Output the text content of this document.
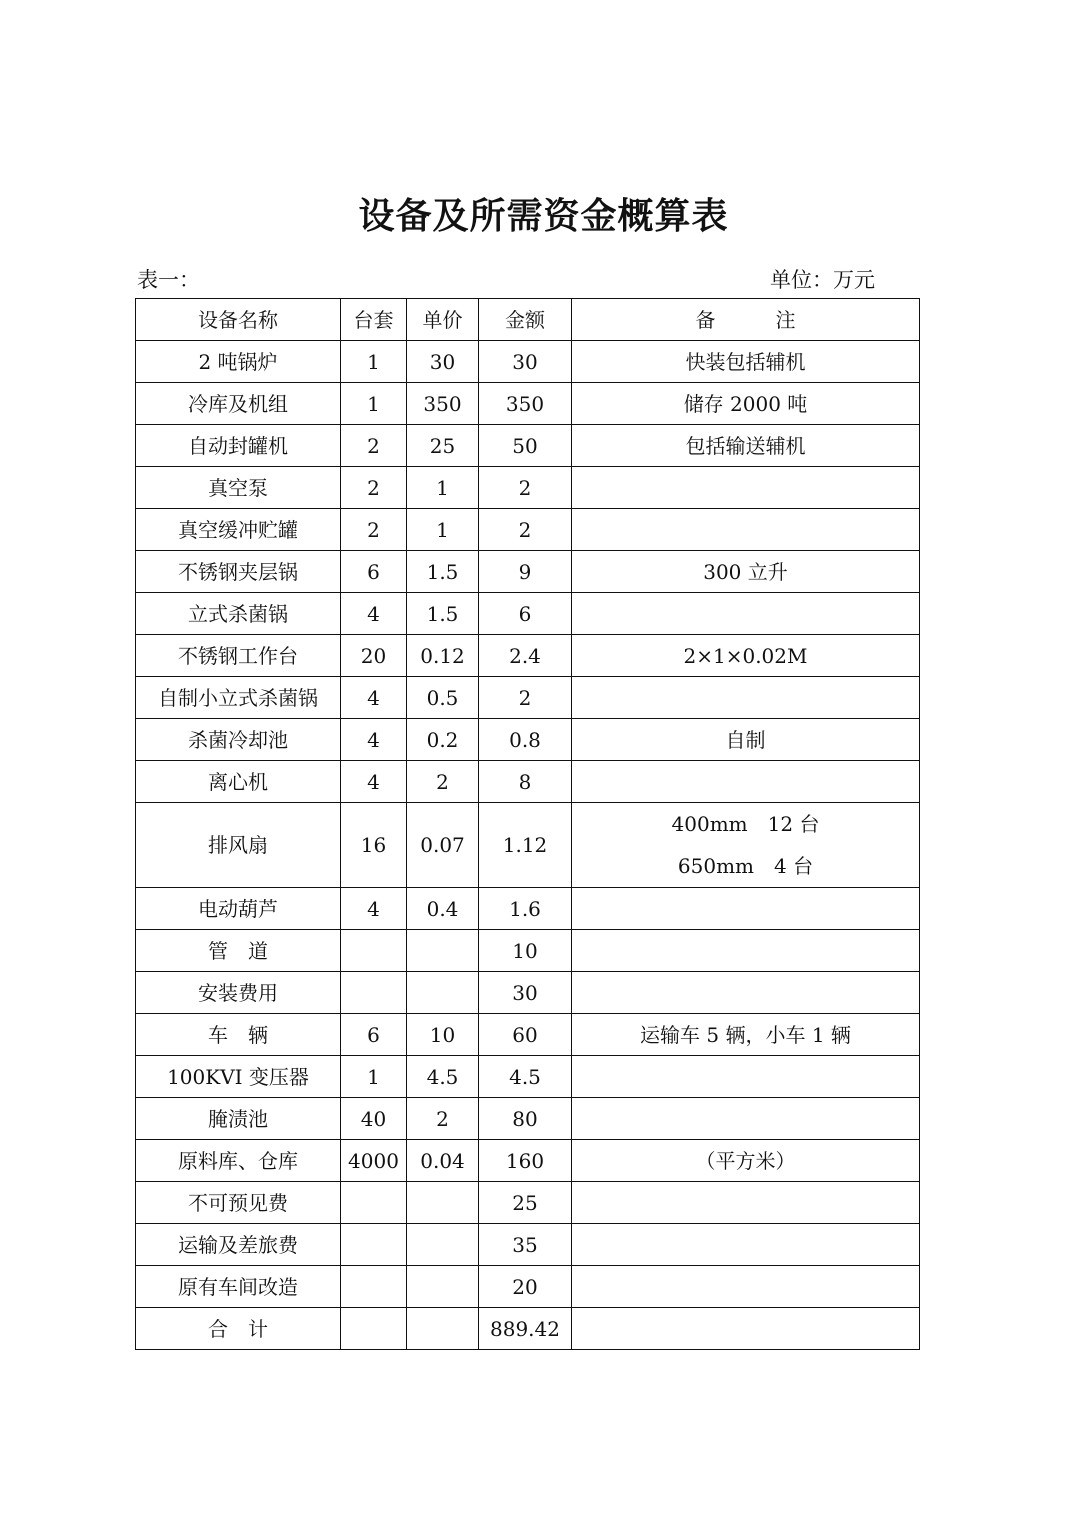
设备及所需资金概算表
表一：	单位：万元
设备名称	台套	单价	金额	备　　　注
2 吨锅炉	1	30	30	快装包括辅机
冷库及机组	1	350	350	储存 2000 吨
自动封罐机	2	25	50	包括输送辅机
真空泵	2	1	2	
真空缓冲贮罐	2	1	2	
不锈钢夹层锅	6	1.5	9	300 立升
立式杀菌锅	4	1.5	6	
不锈钢工作台	20	0.12	2.4	2×1×0.02M
自制小立式杀菌锅	4	0.5	2	
杀菌冷却池	4	0.2	0.8	自制
离心机	4	2	8	
排风扇	16	0.07	1.12	400mm　12 台
650mm　4 台

电动葫芦	4	0.4	1.6	
管　道			10	
安装费用			30	
车　辆	6	10	60	运输车 5 辆，小车 1 辆
100KVI 变压器	1	4.5	4.5	
腌渍池	40	2	80	
原料库、仓库	4000	0.04	160	（平方米）
不可预见费			25	
运输及差旅费			35	
原有车间改造			20	
合　计			889.42	
